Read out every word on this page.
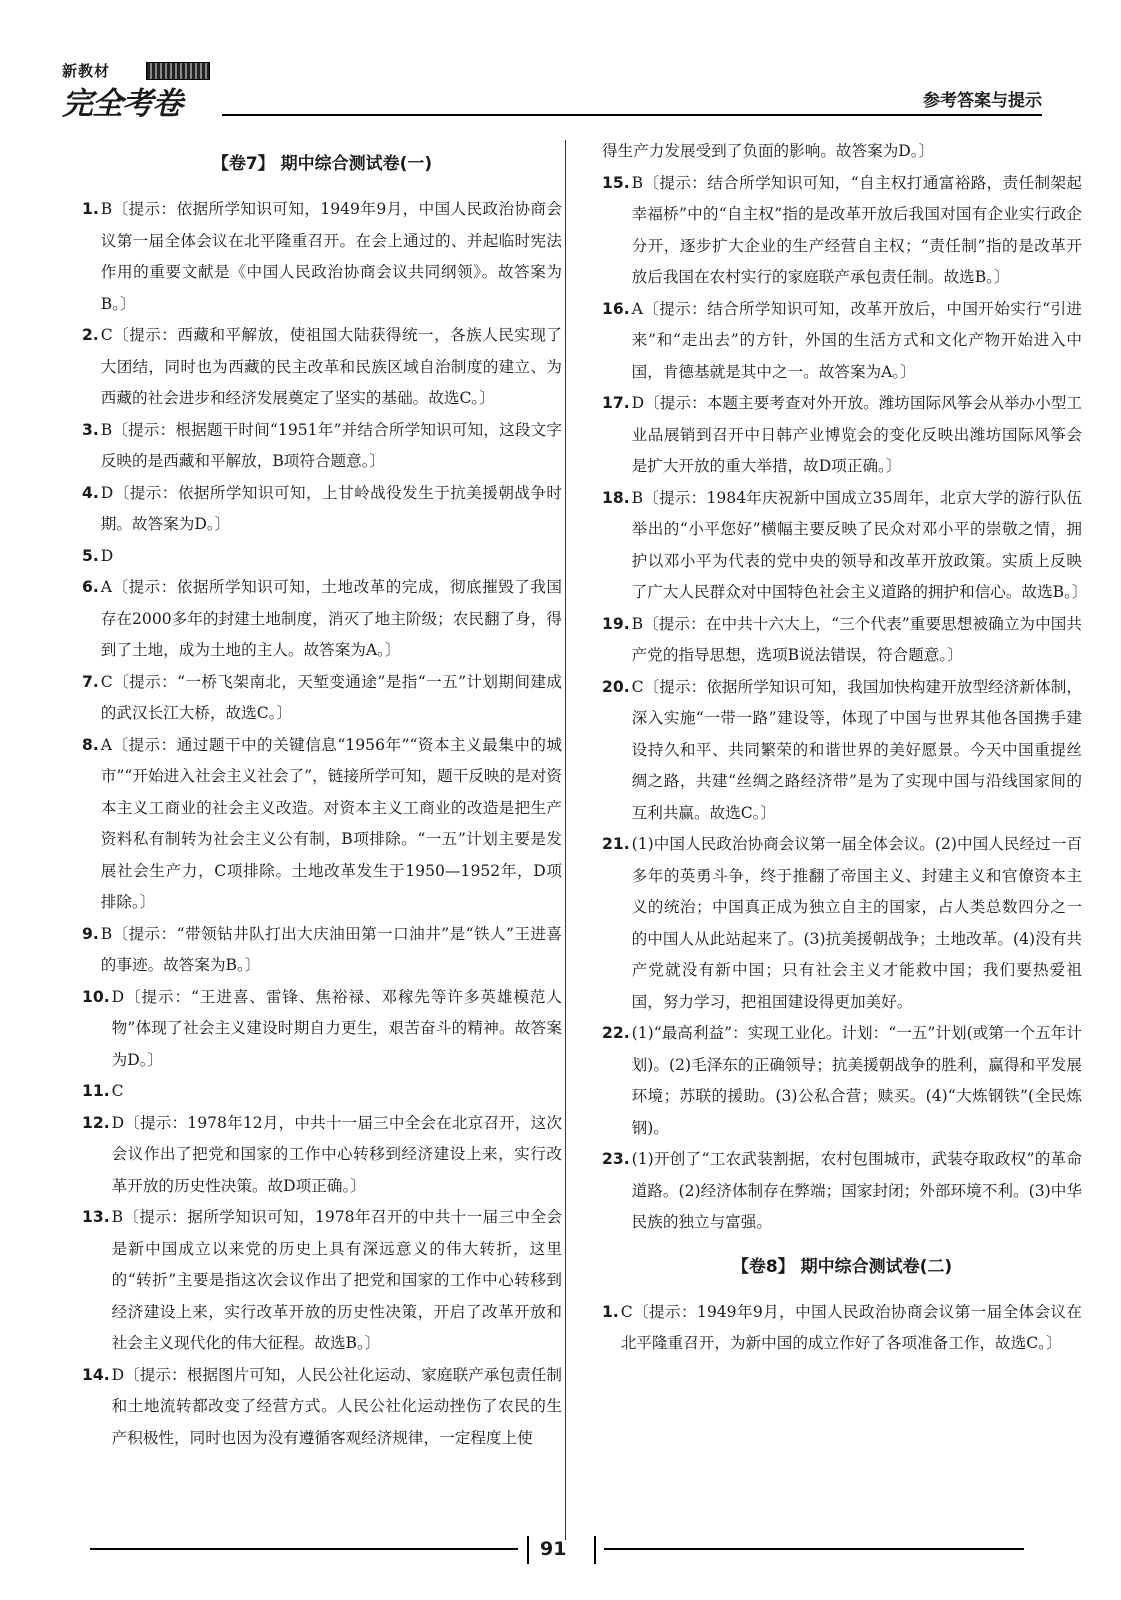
新教材
完全考卷	参考答案与提示
【卷7】 期中综合测试卷(一)
1. B〔提示：依据所学知识可知，1949年9月，中国人民政治协商会议第一届全体会议在北平隆重召开。在会上通过的、并起临时宪法作用的重要文献是《中国人民政治协商会议共同纲领》。故答案为B。〕
2. C〔提示：西藏和平解放，使祖国大陆获得统一，各族人民实现了大团结，同时也为西藏的民主改革和民族区域自治制度的建立、为西藏的社会进步和经济发展奠定了坚实的基础。故选C。〕
3. B〔提示：根据题干时间“1951年”并结合所学知识可知，这段文字反映的是西藏和平解放，B项符合题意。〕
4. D〔提示：依据所学知识可知，上甘岭战役发生于抗美援朝战争时期。故答案为D。〕
5. D
6. A〔提示：依据所学知识可知，土地改革的完成，彻底摧毁了我国存在2000多年的封建土地制度，消灭了地主阶级；农民翻了身，得到了土地，成为土地的主人。故答案为A。〕
7. C〔提示：“一桥飞架南北，天堑变通途”是指“一五”计划期间建成的武汉长江大桥，故选C。〕
8. A〔提示：通过题干中的关键信息“1956年”“资本主义最集中的城市”“开始进入社会主义社会了”，链接所学可知，题干反映的是对资本主义工商业的社会主义改造。对资本主义工商业的改造是把生产资料私有制转为社会主义公有制，B项排除。“一五”计划主要是发展社会生产力，C项排除。土地改革发生于1950—1952年，D项排除。〕
9. B〔提示：“带领钻井队打出大庆油田第一口油井”是“铁人”王进喜的事迹。故答案为B。〕
10. D〔提示：“王进喜、雷锋、焦裕禄、邓稼先等许多英雄模范人物”体现了社会主义建设时期自力更生，艰苦奋斗的精神。故答案为D。〕
11. C
12. D〔提示：1978年12月，中共十一届三中全会在北京召开，这次会议作出了把党和国家的工作中心转移到经济建设上来，实行改革开放的历史性决策。故D项正确。〕
13. B〔提示：据所学知识可知，1978年召开的中共十一届三中全会是新中国成立以来党的历史上具有深远意义的伟大转折，这里的“转折”主要是指这次会议作出了把党和国家的工作中心转移到经济建设上来，实行改革开放的历史性决策，开启了改革开放和社会主义现代化的伟大征程。故选B。〕
14. D〔提示：根据图片可知，人民公社化运动、家庭联产承包责任制和土地流转都改变了经营方式。人民公社化运动挫伤了农民的生产积极性，同时也因为没有遵循客观经济规律，一定程度上使
得生产力发展受到了负面的影响。故答案为D。〕
15. B〔提示：结合所学知识可知，“自主权打通富裕路，责任制架起幸福桥”中的“自主权”指的是改革开放后我国对国有企业实行政企分开，逐步扩大企业的生产经营自主权；“责任制”指的是改革开放后我国在农村实行的家庭联产承包责任制。故选B。〕
16. A〔提示：结合所学知识可知，改革开放后，中国开始实行“引进来”和“走出去”的方针，外国的生活方式和文化产物开始进入中国，肯德基就是其中之一。故答案为A。〕
17. D〔提示：本题主要考查对外开放。潍坊国际风筝会从举办小型工业品展销到召开中日韩产业博览会的变化反映出潍坊国际风筝会是扩大开放的重大举措，故D项正确。〕
18. B〔提示：1984年庆祝新中国成立35周年，北京大学的游行队伍举出的“小平您好”横幅主要反映了民众对邓小平的崇敬之情，拥护以邓小平为代表的党中央的领导和改革开放政策。实质上反映了广大人民群众对中国特色社会主义道路的拥护和信心。故选B。〕
19. B〔提示：在中共十六大上，“三个代表”重要思想被确立为中国共产党的指导思想，选项B说法错误，符合题意。〕
20. C〔提示：依据所学知识可知，我国加快构建开放型经济新体制，深入实施“一带一路”建设等，体现了中国与世界其他各国携手建设持久和平、共同繁荣的和谐世界的美好愿景。今天中国重提丝绸之路，共建“丝绸之路经济带”是为了实现中国与沿线国家间的互利共赢。故选C。〕
21. (1)中国人民政治协商会议第一届全体会议。(2)中国人民经过一百多年的英勇斗争，终于推翻了帝国主义、封建主义和官僚资本主义的统治；中国真正成为独立自主的国家，占人类总数四分之一的中国人从此站起来了。(3)抗美援朝战争；土地改革。(4)没有共产党就没有新中国；只有社会主义才能救中国；我们要热爱祖国，努力学习，把祖国建设得更加美好。
22. (1)“最高利益”：实现工业化。计划：“一五”计划(或第一个五年计划)。(2)毛泽东的正确领导；抗美援朝战争的胜利，赢得和平发展环境；苏联的援助。(3)公私合营；赎买。(4)“大炼钢铁”(全民炼钢)。
23. (1)开创了“工农武装割据，农村包围城市，武装夺取政权”的革命道路。(2)经济体制存在弊端；国家封闭；外部环境不利。(3)中华民族的独立与富强。
【卷8】 期中综合测试卷(二)
1. C〔提示：1949年9月，中国人民政治协商会议第一届全体会议在北平隆重召开，为新中国的成立作好了各项准备工作，故选C。〕
91
